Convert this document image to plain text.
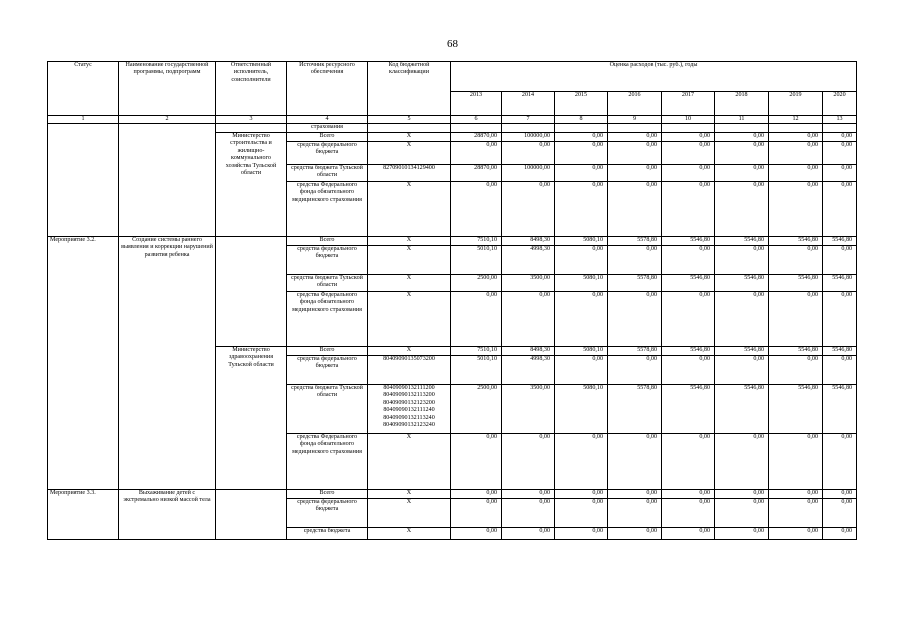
68
Статус	Наименование государственной программы, подпрограмм	Ответственный исполнитель, соисполнители	Источник ресурсного обеспечения	Код бюджетной классификации	Оценка расходов (тыс. руб.), годы							
					2013	2014	2015	2016	2017	2018	2019	2020
1	2	3	4	5	6	7	8	9	10	11	12	13
			страхования									
		Министерство строительства и жилищно-коммунального хозяйства Тульской области	Всего	X	28870,00	100000,00	0,00	0,00	0,00	0,00	0,00	0,00
			средства федерального бюджета	X	0,00	0,00	0,00	0,00	0,00	0,00	0,00	0,00
			средства бюджета Тульской области	82709010134129400	28870,00	100000,00	0,00	0,00	0,00	0,00	0,00	0,00
			средства Федерального фонда обязательного медицинского страхования	X	0,00	0,00	0,00	0,00	0,00	0,00	0,00	0,00
Мероприятие 3.2.	Создание системы раннего выявления и коррекции нарушений развития ребенка		Всего	X	7510,10	8498,30	5080,10	5578,80	5546,80	5546,80	5546,80	5546,80
			средства федерального бюджета	X	5010,10	4998,30	0,00	0,00	0,00	0,00	0,00	0,00
			средства бюджета Тульской области	X	2500,00	3500,00	5080,10	5578,80	5546,80	5546,80	5546,80	5546,80
			средства Федерального фонда обязательного медицинского страхования	X	0,00	0,00	0,00	0,00	0,00	0,00	0,00	0,00
		Министерство здравоохранения Тульской области	Всего	X	7510,10	8498,30	5080,10	5578,80	5546,80	5546,80	5546,80	5546,80
			средства федерального бюджета	80409090135073200	5010,10	4998,30	0,00	0,00	0,00	0,00	0,00	0,00
			средства бюджета Тульской области	80409090132111200 80409090132113200 80409090132123200 80409090132111240 80409090132113240 80409090132123240	2500,00	3500,00	5080,10	5578,80	5546,80	5546,80	5546,80	5546,80
			средства Федерального фонда обязательного медицинского страхования	X	0,00	0,00	0,00	0,00	0,00	0,00	0,00	0,00
Мероприятие 3.3.	Выхаживание детей с экстремально низкой массой тела		Всего	X	0,00	0,00	0,00	0,00	0,00	0,00	0,00	0,00
			средства федерального бюджета	X	0,00	0,00	0,00	0,00	0,00	0,00	0,00	0,00
			средства бюджета	X	0,00	0,00	0,00	0,00	0,00	0,00	0,00	0,00
